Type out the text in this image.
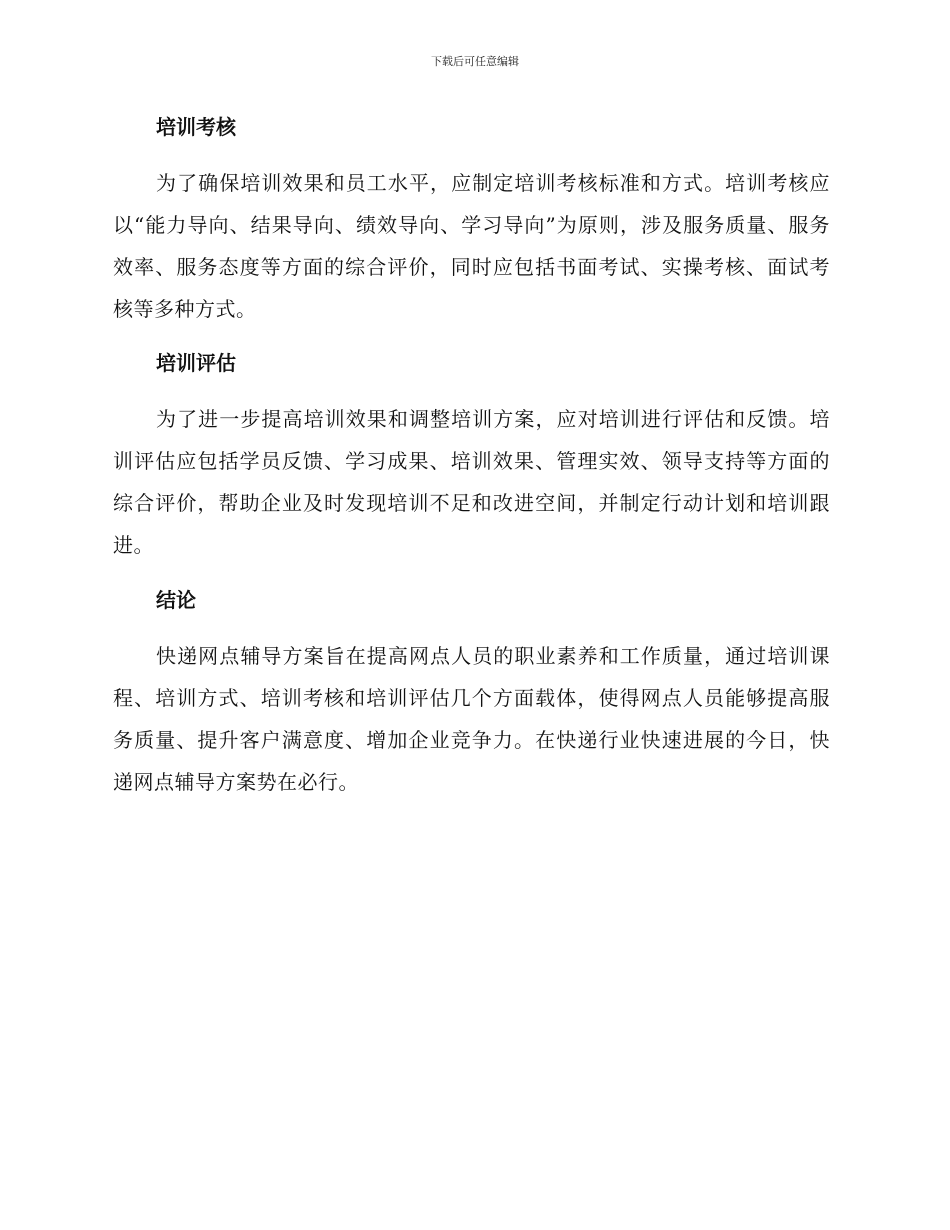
下载后可任意编辑
培训考核

为了确保培训效果和员工水平，应制定培训考核标准和方式。培训考核应以“能力导向、结果导向、绩效导向、学习导向”为原则，涉及服务质量、服务效率、服务态度等方面的综合评价，同时应包括书面考试、实操考核、面试考核等多种方式。

培训评估

为了进一步提高培训效果和调整培训方案，应对培训进行评估和反馈。培训评估应包括学员反馈、学习成果、培训效果、管理实效、领导支持等方面的综合评价，帮助企业及时发现培训不足和改进空间，并制定行动计划和培训跟进。

结论

快递网点辅导方案旨在提高网点人员的职业素养和工作质量，通过培训课程、培训方式、培训考核和培训评估几个方面载体，使得网点人员能够提高服务质量、提升客户满意度、增加企业竞争力。在快递行业快速进展的今日，快递网点辅导方案势在必行。
